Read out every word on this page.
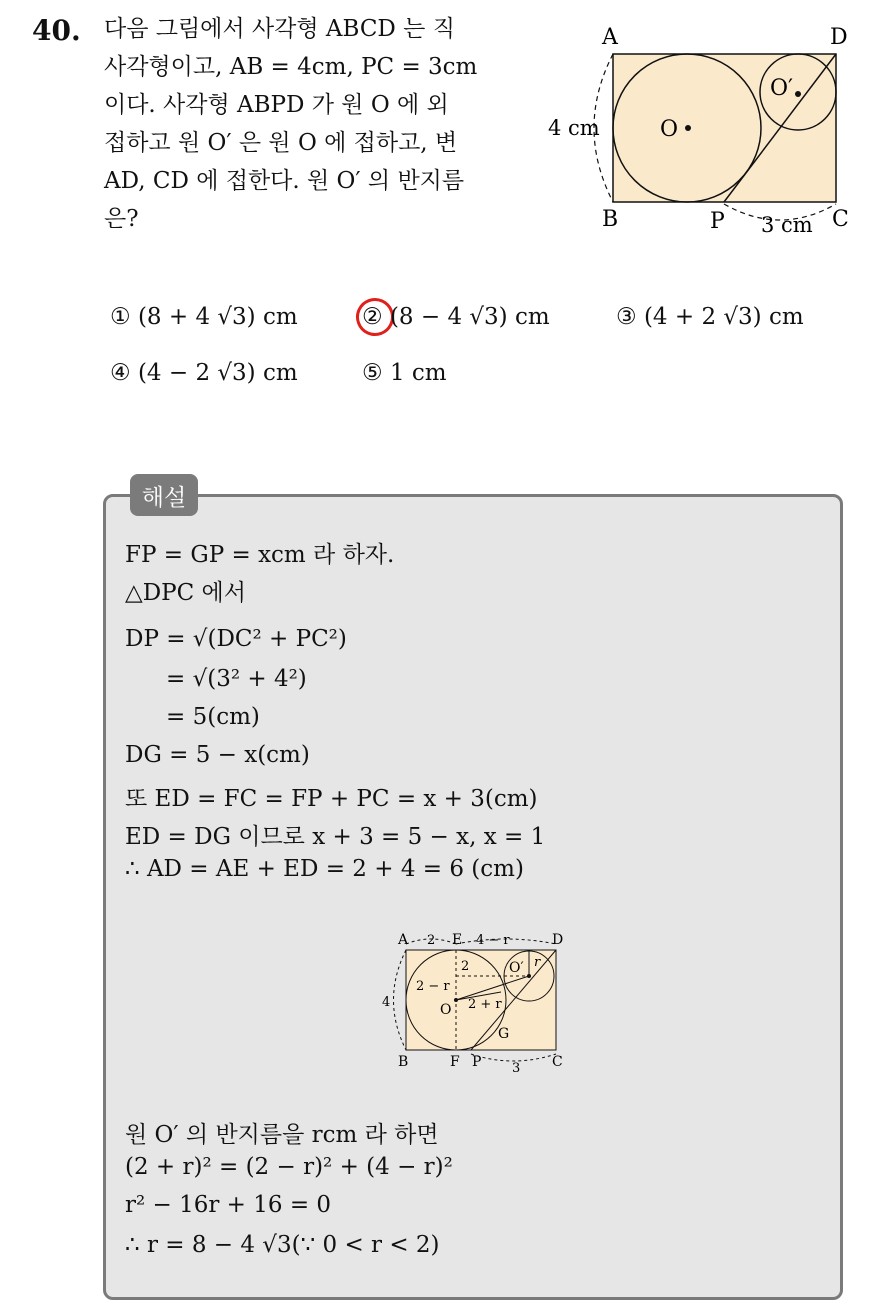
40. 다음 그림에서 사각형 ABCD 는 직
사각형이고, AB = 4cm, PC = 3cm
이다. 사각형 ABPD 가 원 O 에 외
접하고 원 O′ 은 원 O 에 접하고, 변
AD, CD 에 접한다. 원 O′ 의 반지름
은?
A	D
B	C
P
O
O′
4 cm
3 cm
① (8 + 4 √3) cm	② (8 − 4 √3) cm	③ (4 + 2 √3) cm
④ (4 − 2 √3) cm	⑤ 1 cm
해설
FP = GP = xcm 라 하자.
△DPC 에서
DP = √(DC² + PC²)
= √(3² + 4²)
= 5(cm)
DG = 5 − x(cm)
또 ED = FC = FP + PC = x + 3(cm)
ED = DG 이므로 x + 3 = 5 − x, x = 1
∴ AD = AE + ED = 2 + 4 = 6 (cm)
A	E	D
B	F P	C
O
O′
G
2	4 − r
4
2
2 − r
2 + r
r
3
원 O′ 의 반지름을 rcm 라 하면
(2 + r)² = (2 − r)² + (4 − r)²
r² − 16r + 16 = 0
∴ r = 8 − 4 √3(∵ 0 < r < 2)
